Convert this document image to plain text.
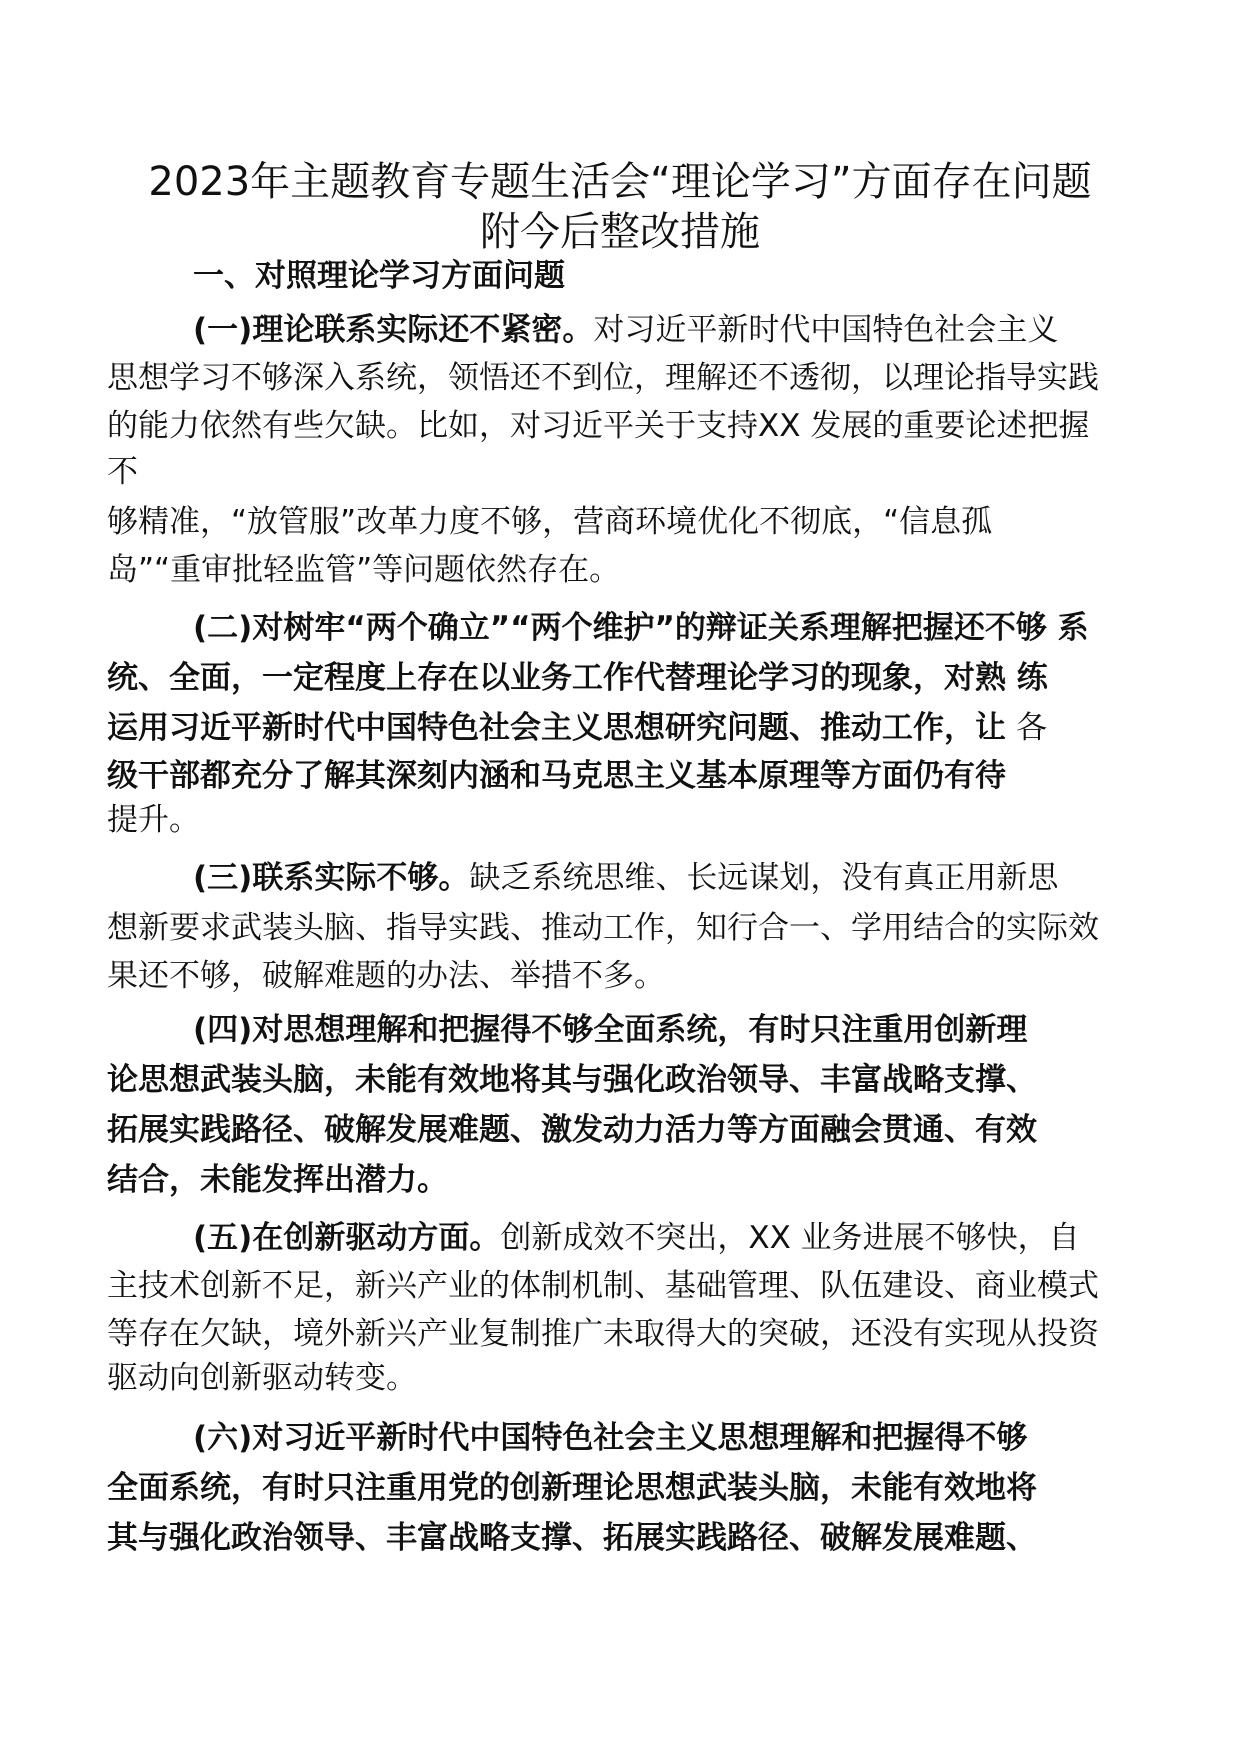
2023年主题教育专题生活会“理论学习”方面存在问题
附今后整改措施
一、对照理论学习方面问题
(一)理论联系实际还不紧密。对习近平新时代中国特色社会主义
思想学习不够深入系统，领悟还不到位，理解还不透彻，以理论指导实践
的能力依然有些欠缺。比如，对习近平关于支持XX 发展的重要论述把握
不
够精准，“放管服”改革力度不够，营商环境优化不彻底，“信息孤
岛”“重审批轻监管”等问题依然存在。
(二)对树牢“两个确立”“两个维护”的辩证关系理解把握还不够 系
统、全面，一定程度上存在以业务工作代替理论学习的现象，对熟 练
运用习近平新时代中国特色社会主义思想研究问题、推动工作，让 各
级干部都充分了解其深刻内涵和马克思主义基本原理等方面仍有待
提升。
(三)联系实际不够。缺乏系统思维、长远谋划，没有真正用新思
想新要求武装头脑、指导实践、推动工作，知行合一、学用结合的实际效
果还不够，破解难题的办法、举措不多。
(四)对思想理解和把握得不够全面系统，有时只注重用创新理
论思想武装头脑，未能有效地将其与强化政治领导、丰富战略支撑、
拓展实践路径、破解发展难题、激发动力活力等方面融会贯通、有效
结合，未能发挥出潜力。
(五)在创新驱动方面。创新成效不突出，XX 业务进展不够快，自
主技术创新不足，新兴产业的体制机制、基础管理、队伍建设、商业模式
等存在欠缺，境外新兴产业复制推广未取得大的突破，还没有实现从投资
驱动向创新驱动转变。
(六)对习近平新时代中国特色社会主义思想理解和把握得不够
全面系统，有时只注重用党的创新理论思想武装头脑，未能有效地将
其与强化政治领导、丰富战略支撑、拓展实践路径、破解发展难题、
